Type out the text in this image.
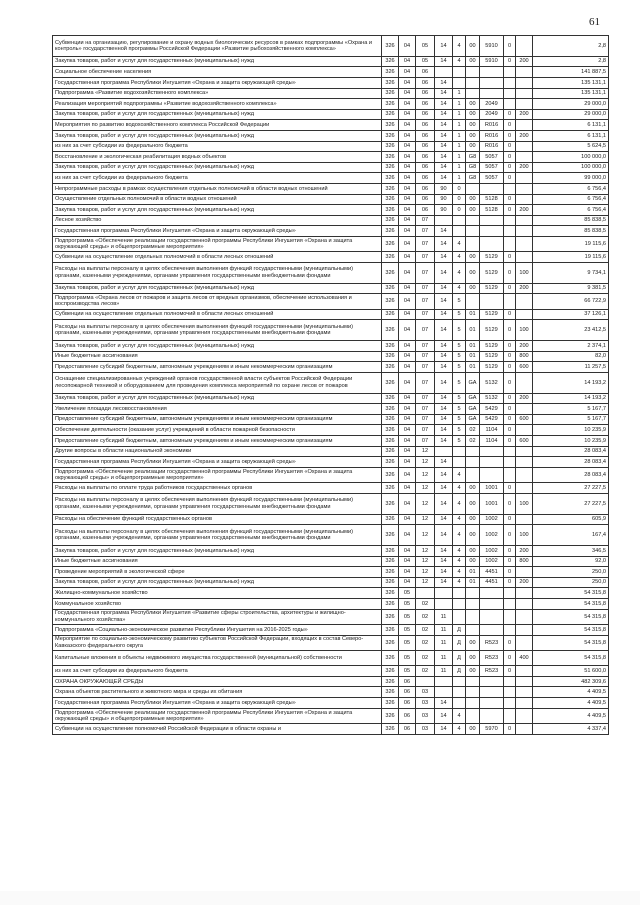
61
Субвенции на организацию, регулирование и охрану водных биологических ресурсов в рамках подпрограммы «Охрана и контроль» государственной программы Российской Федерации «Развитие рыбохозяйственного комплекса»	326	04	05	14	4	00	5910	0		2,8
Закупка товаров, работ и услуг для государственных (муниципальных) нужд	326	04	05	14	4	00	5910	0	200	2,8
Социальное обеспечение населения	326	04	06							141 887,5
Государственная программа Республики Ингушетия «Охрана и защита окружающей среды»	326	04	06	14						135 131,1
Подпрограмма «Развитие водохозяйственного комплекса»	326	04	06	14	1					135 131,1
Реализация мероприятий подпрограммы «Развитие водохозяйственного комплекса»	326	04	06	14	1	00	2049			29 000,0
Закупка товаров, работ и услуг для государственных (муниципальных) нужд	326	04	06	14	1	00	2049	0	200	29 000,0
Мероприятия по развитию водохозяйственного комплекса Российской Федерации	326	04	06	14	1	00	R016	0		6 131,1
Закупка товаров, работ и услуг для государственных (муниципальных) нужд	326	04	06	14	1	00	R016	0	200	6 131,1
из них за счет субсидии из федерального бюджета	326	04	06	14	1	00	R016	0		5 624,5
Восстановление и экологическая реабилитация водных объектов	326	04	06	14	1	G8	5057	0		100 000,0
Закупка товаров, работ и услуг для государственных (муниципальных) нужд	326	04	06	14	1	G8	5057	0	200	100 000,0
из них за счет субсидии из федерального бюджета	326	04	06	14	1	G8	5057	0		99 000,0
Непрограммные расходы в рамках осуществления отдельных полномочий в области водных отношений	326	04	06	90	0					6 756,4
Осуществление отдельных полномочий в области водных отношений	326	04	06	90	0	00	5128	0		6 756,4
Закупка товаров, работ и услуг для государственных (муниципальных) нужд	326	04	06	90	0	00	5128	0	200	6 756,4
Лесное хозяйство	326	04	07							85 838,5
Государственная программа Республики Ингушетия «Охрана и защита окружающей среды»	326	04	07	14						85 838,5
Подпрограмма «Обеспечение реализации государственной программы Республики Ингушетия «Охрана и защита окружающей среды» и общепрограммные мероприятия»	326	04	07	14	4					19 115,6
Субвенции на осуществление отдельных полномочий в области лесных отношений	326	04	07	14	4	00	5129	0		19 115,6
Расходы на выплаты персоналу в целях обеспечения выполнения функций государственными (муниципальными) органами, казенными учреждениями, органами управления государственными внебюджетными фондами	326	04	07	14	4	00	5129	0	100	9 734,1
Закупка товаров, работ и услуг для государственных (муниципальных) нужд	326	04	07	14	4	00	5129	0	200	9 381,5
Подпрограмма «Охрана лесов от пожаров и защита лесов от вредных организмов, обеспечение использования и воспроизводства лесов»	326	04	07	14	5					66 722,9
Субвенции на осуществление отдельных полномочий в области лесных отношений	326	04	07	14	5	01	5129	0		37 126,1
Расходы на выплаты персоналу в целях обеспечения выполнения функций государственными (муниципальными) органами, казенными учреждениями, органами управления государственными внебюджетными фондами	326	04	07	14	5	01	5129	0	100	23 412,5
Закупка товаров, работ и услуг для государственных (муниципальных) нужд	326	04	07	14	5	01	5129	0	200	2 374,1
Иные бюджетные ассигнования	326	04	07	14	5	01	5129	0	800	82,0
Предоставление субсидий бюджетным, автономным учреждениям и иным некоммерческим организациям	326	04	07	14	5	01	5129	0	600	11 257,5
Оснащение специализированных учреждений органов государственной власти субъектов Российской Федерации лесопожарной техникой и оборудованием для проведения комплекса мероприятий по охране лесов от пожаров	326	04	07	14	5	GA	5132	0		14 193,2
Закупка товаров, работ и услуг для государственных (муниципальных) нужд	326	04	07	14	5	GA	5132	0	200	14 193,2
Увеличение площади лесовосстановления	326	04	07	14	5	GA	5429	0		5 167,7
Предоставление субсидий бюджетным, автономным учреждениям и иным некоммерческим организациям	326	04	07	14	5	GA	5429	0	600	5 167,7
Обеспечение деятельности (оказание услуг) учреждений в области пожарной безопасности	326	04	07	14	5	02	1104	0		10 235,9
Предоставление субсидий бюджетным, автономным учреждениям и иным некоммерческим организациям	326	04	07	14	5	02	1104	0	600	10 235,9
Другие вопросы в области национальной экономики	326	04	12							28 083,4
Государственная программа Республики Ингушетия «Охрана и защита окружающей среды»	326	04	12	14						28 083,4
Подпрограмма «Обеспечение реализации государственной программы Республики Ингушетия «Охрана и защита окружающей среды» и общепрограммные мероприятия»	326	04	12	14	4					28 083,4
Расходы на выплаты по оплате труда работников государственных органов	326	04	12	14	4	00	1001	0		27 227,5
Расходы на выплаты персоналу в целях обеспечения выполнения функций государственными (муниципальными) органами, казенными учреждениями, органами управления государственными внебюджетными фондами	326	04	12	14	4	00	1001	0	100	27 227,5
Расходы на обеспечение функций государственных органов	326	04	12	14	4	00	1002	0		605,9
Расходы на выплаты персоналу в целях обеспечения выполнения функций государственными (муниципальными) органами, казенными учреждениями, органами управления государственными внебюджетными фондами	326	04	12	14	4	00	1002	0	100	167,4
Закупка товаров, работ и услуг для государственных (муниципальных) нужд	326	04	12	14	4	00	1002	0	200	346,5
Иные бюджетные ассигнования	326	04	12	14	4	00	1002	0	800	92,0
Проведение мероприятий в экологической сфере	326	04	12	14	4	01	4451	0		250,0
Закупка товаров, работ и услуг для государственных (муниципальных) нужд	326	04	12	14	4	01	4451	0	200	250,0
Жилищно-коммунальное хозяйство	326	05								54 315,8
Коммунальное хозяйство	326	05	02							54 315,8
Государственная программа Республики Ингушетия «Развитие сферы строительства, архитектуры и жилищно-коммунального хозяйства»	326	05	02	11						54 315,8
Подпрограмма «Социально-экономическое развитие Республики Ингушетия на 2016-2025 годы»	326	05	02	11	Д					54 315,8
Мероприятие по социально-экономическому развитию субъектов Российской Федерации, входящих в состав Северо-Кавказского федерального округа	326	05	02	11	Д	00	R523	0		54 315,8
Капитальные вложения в объекты недвижимого имущества государственной (муниципальной) собственности	326	05	02	11	Д	00	R523	0	400	54 315,8
из них за счет субсидии из федерального бюджета	326	05	02	11	Д	00	R523	0		51 600,0
ОХРАНА ОКРУЖАЮЩЕЙ СРЕДЫ	326	06								482 309,6
Охрана объектов растительного и животного мира и среды их обитания	326	06	03							4 409,5
Государственная программа Республики Ингушетия «Охрана и защита окружающей среды»	326	06	03	14						4 409,5
Подпрограмма «Обеспечение реализации государственной программы Республики Ингушетия «Охрана и защита окружающей среды» и общепрограммные мероприятия»	326	06	03	14	4					4 409,5
Субвенции на осуществление полномочий Российской Федерации в области охраны и	326	06	03	14	4	00	5970	0		4 337,4
